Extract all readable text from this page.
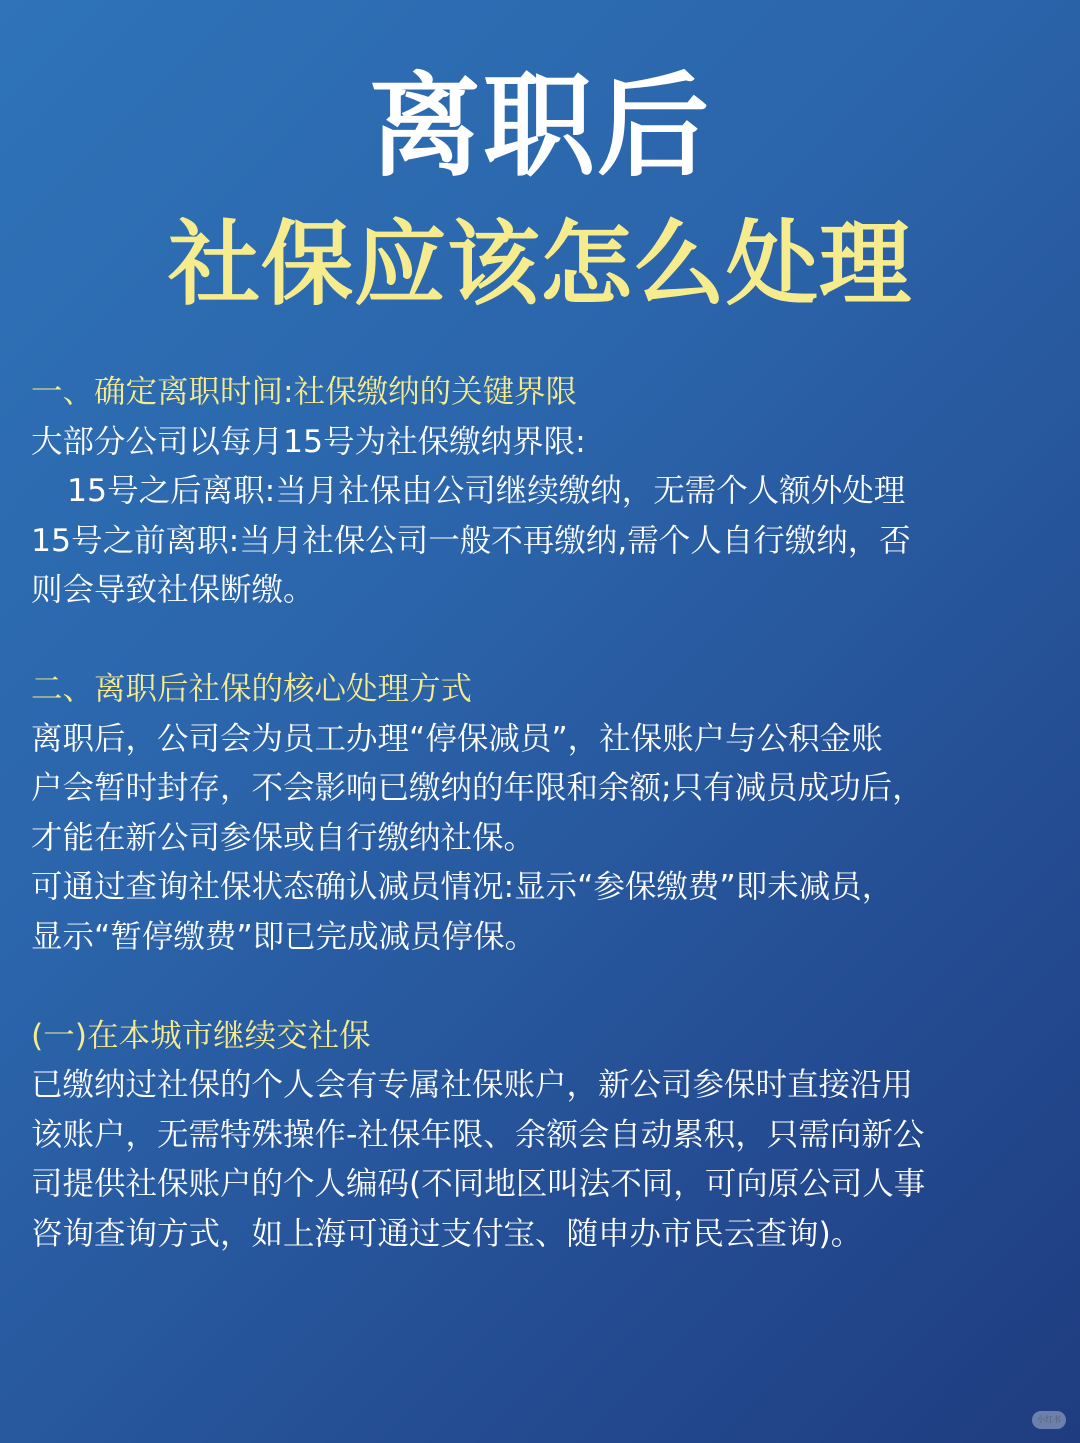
离职后
社保应该怎么处理
一、确定离职时间:社保缴纳的关键界限
大部分公司以每月15号为社保缴纳界限:
15号之后离职:当月社保由公司继续缴纳，无需个人额外处理
15号之前离职:当月社保公司一般不再缴纳,需个人自行缴纳，否
则会导致社保断缴。
二、离职后社保的核心处理方式
离职后，公司会为员工办理“停保减员”，社保账户与公积金账
户会暂时封存，不会影响已缴纳的年限和余额;只有减员成功后，
才能在新公司参保或自行缴纳社保。
可通过查询社保状态确认减员情况:显示“参保缴费”即未减员，
显示“暂停缴费”即已完成减员停保。
(一)在本城市继续交社保
已缴纳过社保的个人会有专属社保账户，新公司参保时直接沿用
该账户，无需特殊操作-社保年限、余额会自动累积，只需向新公
司提供社保账户的个人编码(不同地区叫法不同，可向原公司人事
咨询查询方式，如上海可通过支付宝、随申办市民云查询)。
小红书
